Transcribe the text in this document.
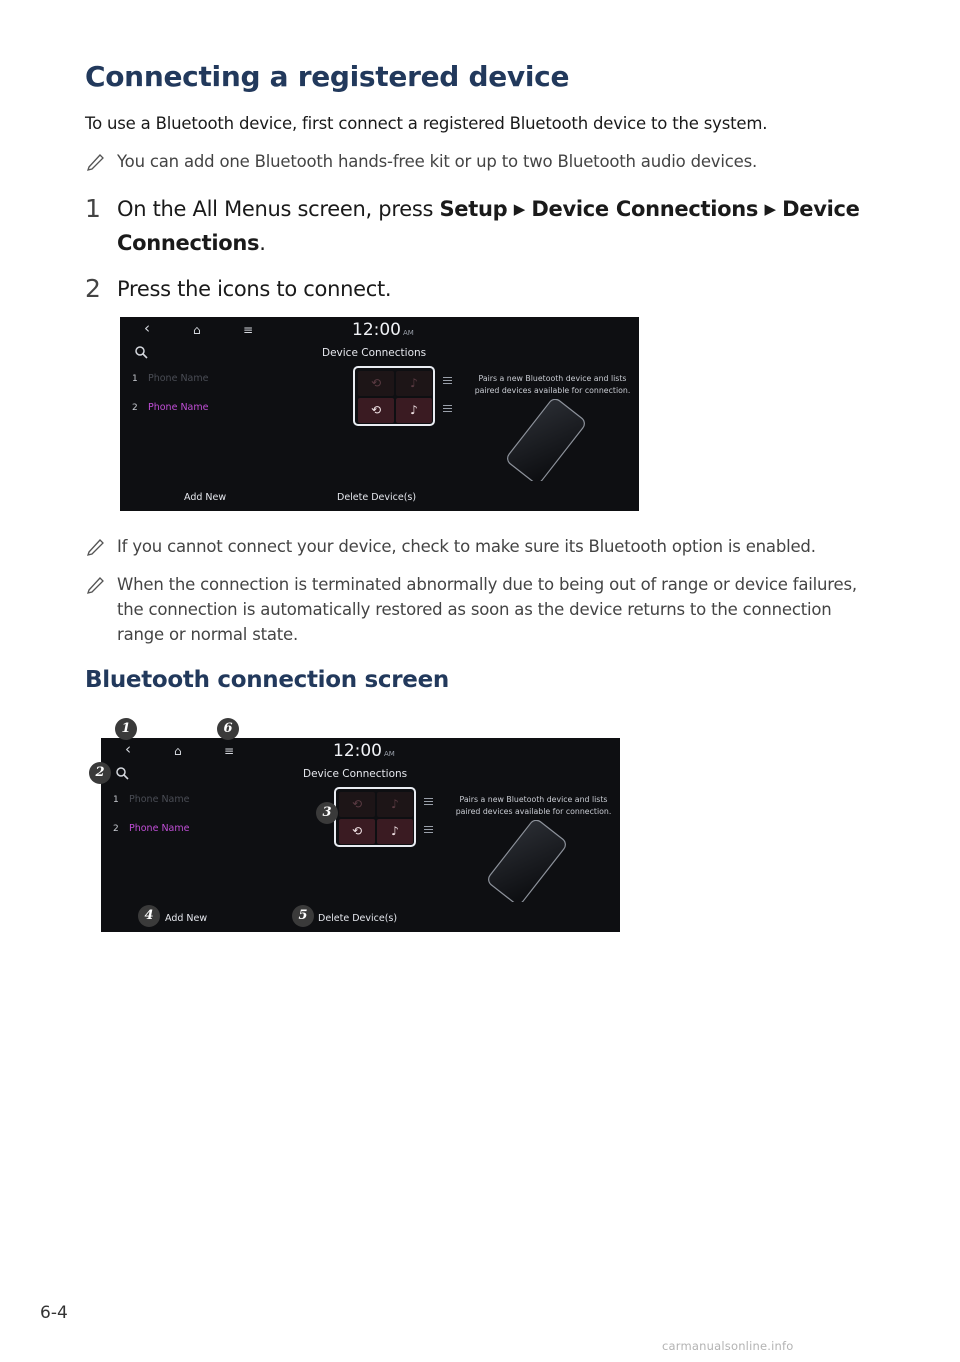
Connecting a registered device
To use a Bluetooth device, first connect a registered Bluetooth device to the system.
You can add one Bluetooth hands-free kit or up to two Bluetooth audio devices.
1 On the All Menus screen, press Setup ▶ Device Connections ▶ Device Connections.
2 Press the icons to connect.
‹	⌂	≡	12:00 AM
Device Connections
1 Phone Name
2 Phone Name
⟲	♪
⟲	♪
Pairs a new Bluetooth device and lists paired devices available for connection.
Add New	Delete Device(s)
If you cannot connect your device, check to make sure its Bluetooth option is enabled.
When the connection is terminated abnormally due to being out of range or device failures, the connection is automatically restored as soon as the device returns to the connection range or normal state.
Bluetooth connection screen
‹	⌂	≡	12:00 AM
Device Connections
1 Phone Name
2 Phone Name
⟲	♪
⟲	♪
Pairs a new Bluetooth device and lists paired devices available for connection.
Add New	Delete Device(s)
1
2
3
4	5
6
6-4
carmanualsonline.info
